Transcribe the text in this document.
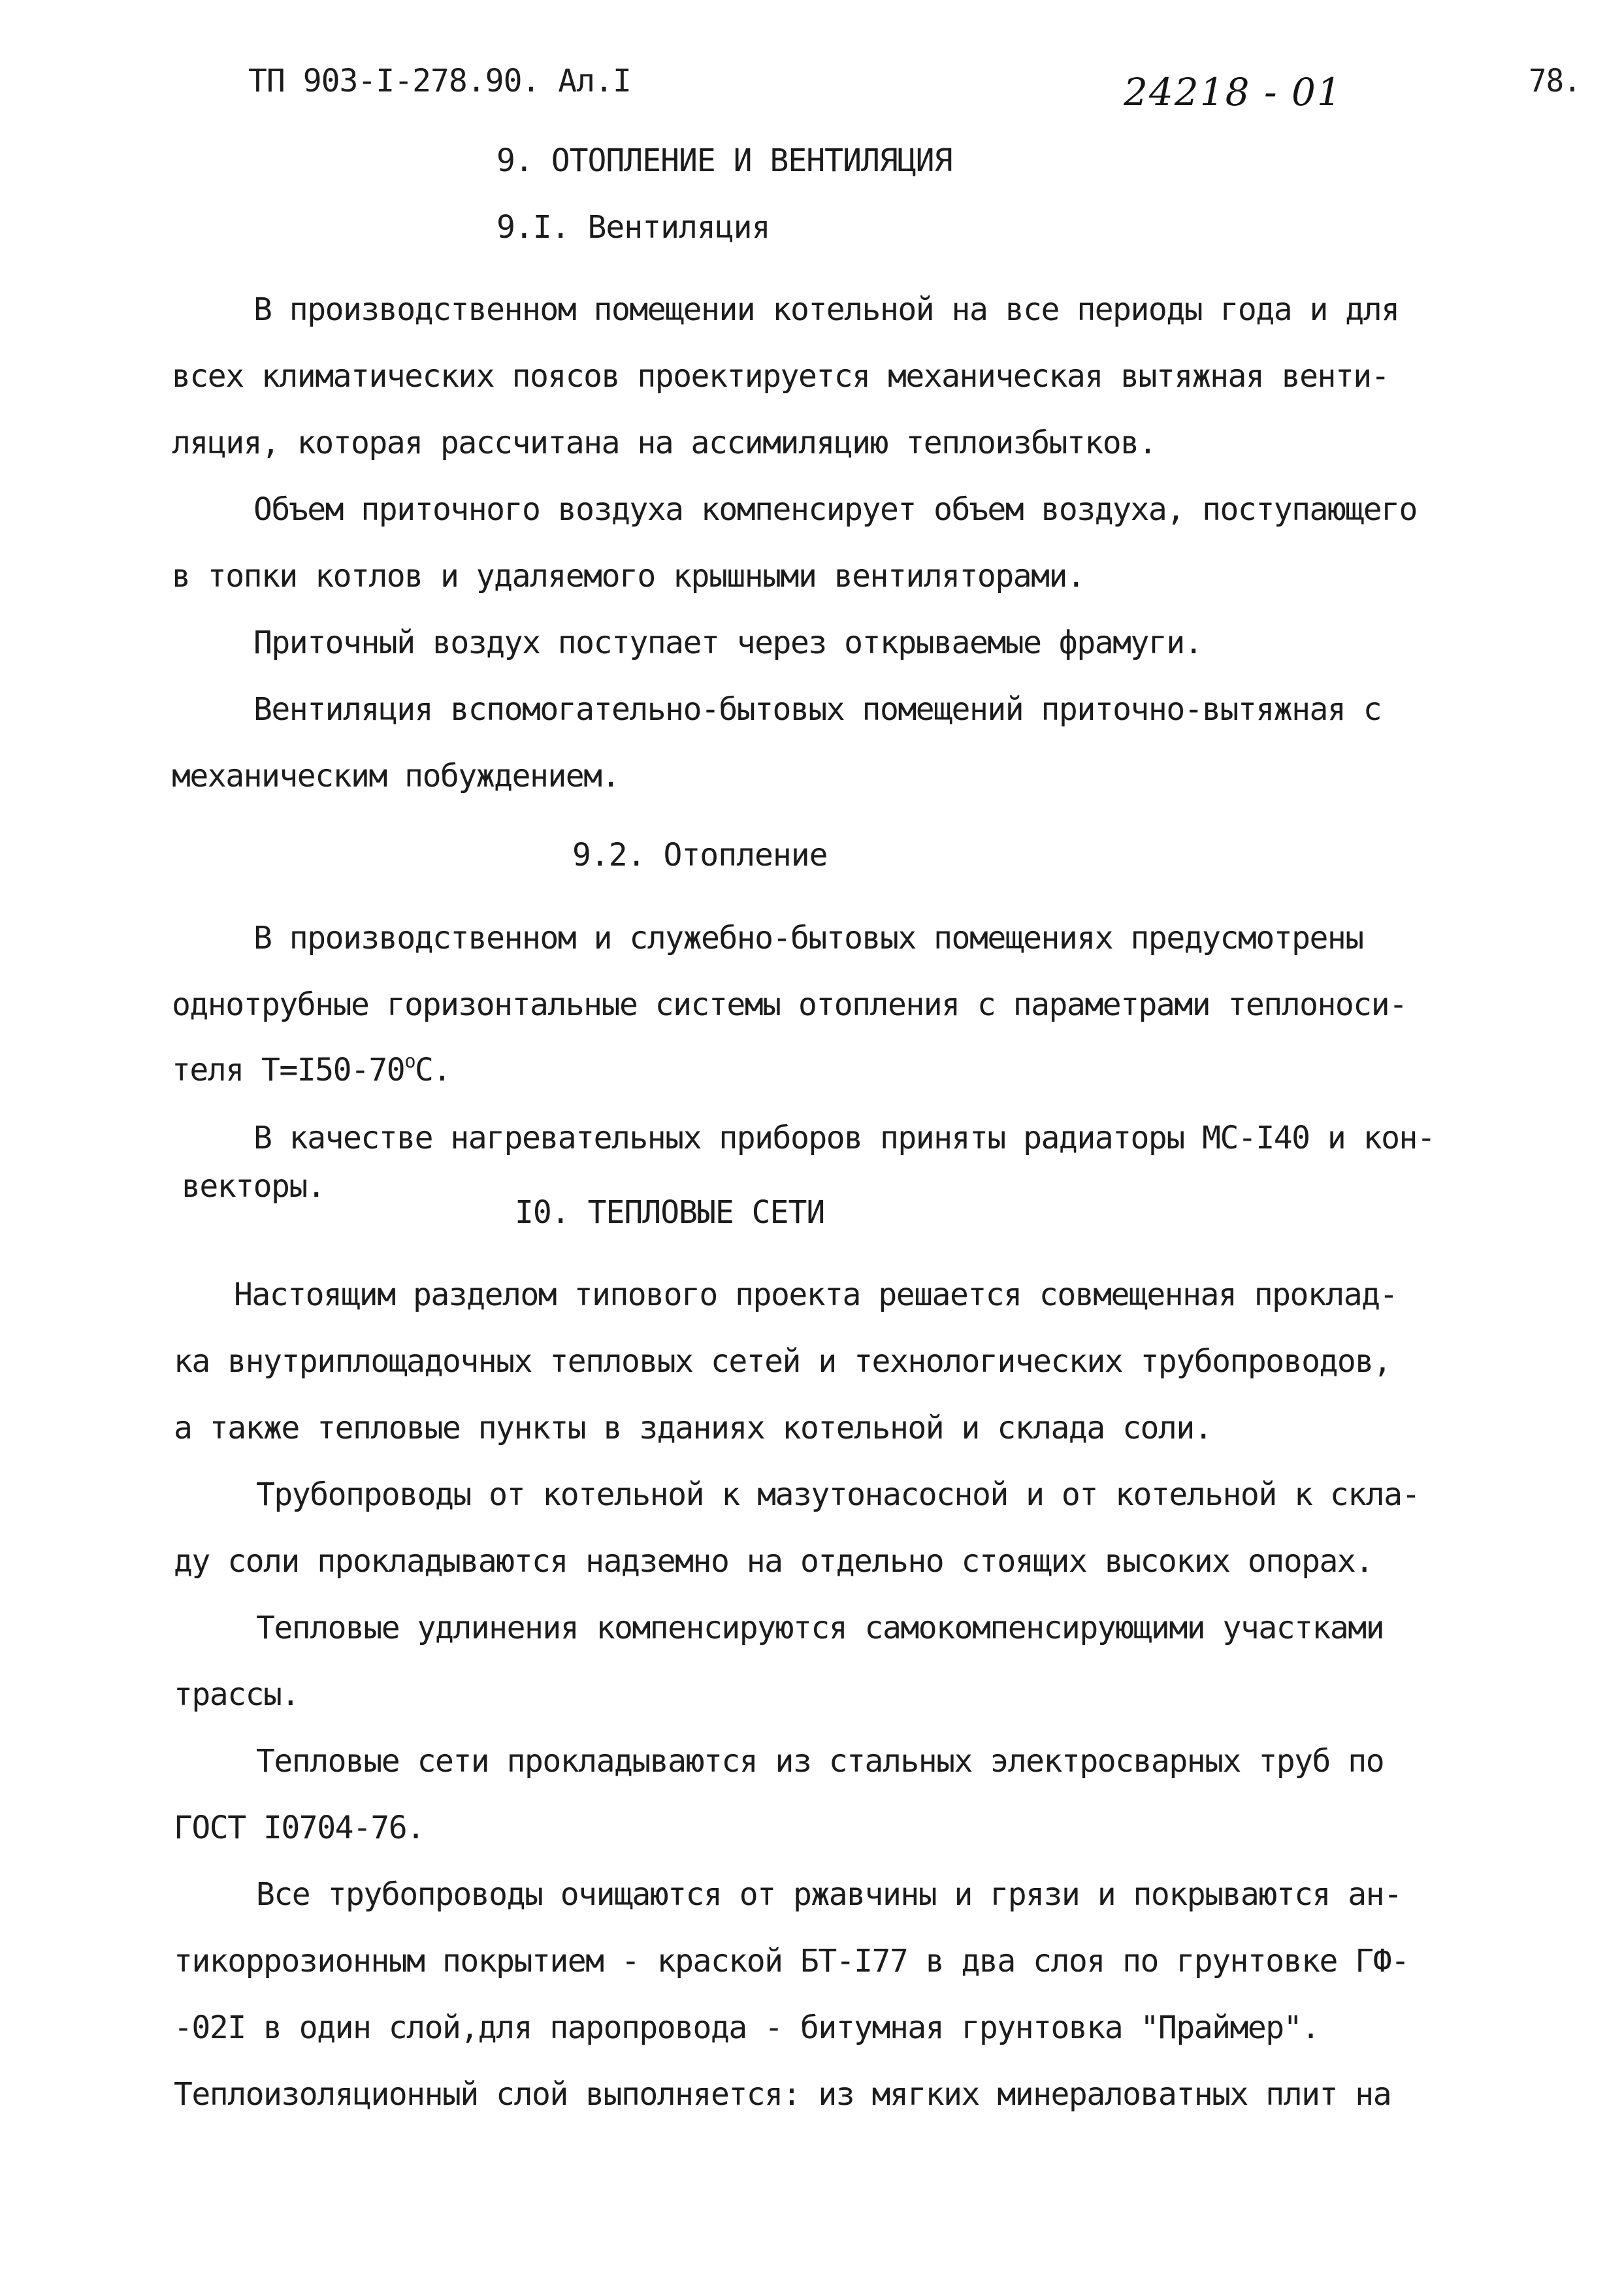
ТП 903-I-278.90. Ал.I	24218 - 01	78.
9. ОТОПЛЕНИЕ И ВЕНТИЛЯЦИЯ
9.I. Вентиляция
В производственном помещении котельной на все периоды года и для
всех климатических поясов проектируется механическая вытяжная венти-
ляция, которая рассчитана на ассимиляцию теплоизбытков.
Объем приточного воздуха компенсирует объем воздуха, поступающего
в топки котлов и удаляемого крышными вентиляторами.
Приточный воздух поступает через открываемые фрамуги.
Вентиляция вспомогательно-бытовых помещений приточно-вытяжная с
механическим побуждением.
9.2. Отопление
В производственном и служебно-бытовых помещениях предусмотрены
однотрубные горизонтальные системы отопления с параметрами теплоноси-
теля $Т=I50-70^оС$.
В качестве нагревательных приборов приняты радиаторы МС-I40 и кон-
векторы.
I0. ТЕПЛОВЫЕ СЕТИ
Настоящим разделом типового проекта решается совмещенная проклад-
ка внутриплощадочных тепловых сетей и технологических трубопроводов,
а также тепловые пункты в зданиях котельной и склада соли.
Трубопроводы от котельной к мазутонасосной и от котельной к скла-
ду соли прокладываются надземно на отдельно стоящих высоких опорах.
Тепловые удлинения компенсируются самокомпенсирующими участками
трассы.
Тепловые сети прокладываются из стальных электросварных труб по
ГОСТ I0704-76.
Все трубопроводы очищаются от ржавчины и грязи и покрываются ан-
тикоррозионным покрытием - краской БТ-I77 в два слоя по грунтовке ГФ-
-02I в один слой,для паропровода - битумная грунтовка "Праймер".
Теплоизоляционный слой выполняется: из мягких минераловатных плит на
